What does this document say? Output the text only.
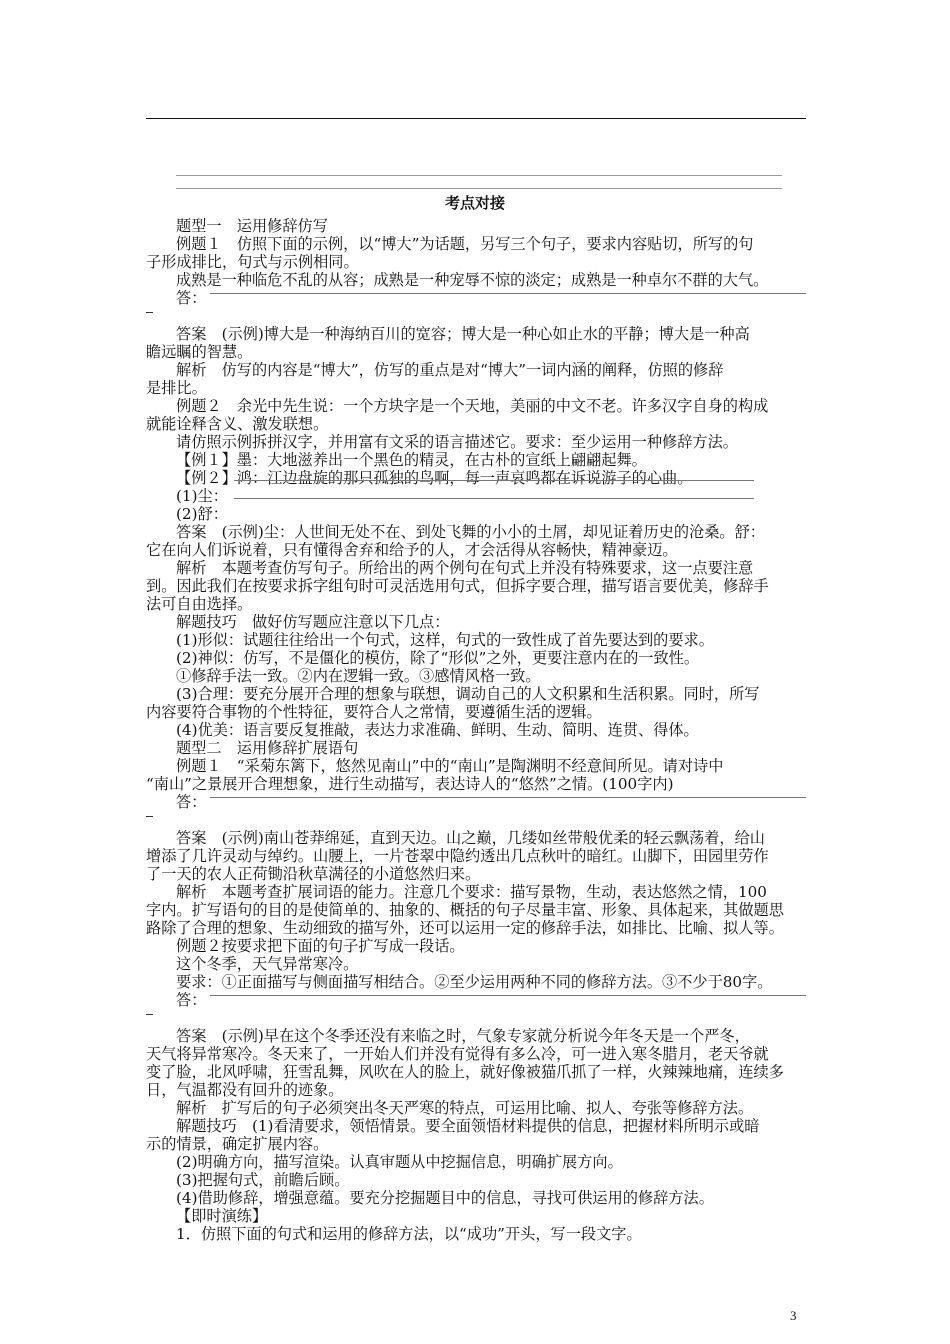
考点对接
题型一　运用修辞仿写
例题１　仿照下面的示例，以“博大”为话题，另写三个句子，要求内容贴切，所写的句
子形成排比，句式与示例相同。
成熟是一种临危不乱的从容；成熟是一种宠辱不惊的淡定；成熟是一种卓尔不群的大气。
答：
答案　(示例)博大是一种海纳百川的宽容；博大是一种心如止水的平静；博大是一种高
瞻远瞩的智慧。
解析　仿写的内容是“博大”，仿写的重点是对“博大”一词内涵的阐释，仿照的修辞
是排比。
例题２　余光中先生说：一个方块字是一个天地，美丽的中文不老。许多汉字自身的构成
就能诠释含义、激发联想。
请仿照示例拆拼汉字，并用富有文采的语言描述它。要求：至少运用一种修辞方法。
【例１】墨：大地滋养出一个黑色的精灵，在古朴的宣纸上翩翩起舞。
【例２】鸿：江边盘旋的那只孤独的鸟啊，每一声哀鸣都在诉说游子的心曲。
(1)尘：
(2)舒：
答案　(示例)尘：人世间无处不在、到处飞舞的小小的土屑，却见证着历史的沧桑。舒：
它在向人们诉说着，只有懂得舍弃和给予的人，才会活得从容畅快，精神豪迈。
解析　本题考查仿写句子。所给出的两个例句在句式上并没有特殊要求，这一点要注意
到。因此我们在按要求拆字组句时可灵活选用句式，但拆字要合理，描写语言要优美，修辞手
法可自由选择。
解题技巧　做好仿写题应注意以下几点：
(1)形似：试题往往给出一个句式，这样，句式的一致性成了首先要达到的要求。
(2)神似：仿写，不是僵化的模仿，除了“形似”之外，更要注意内在的一致性。
①修辞手法一致。②内在逻辑一致。③感情风格一致。
(3)合理：要充分展开合理的想象与联想，调动自己的人文积累和生活积累。同时，所写
内容要符合事物的个性特征，要符合人之常情，要遵循生活的逻辑。
(4)优美：语言要反复推敲，表达力求准确、鲜明、生动、简明、连贯、得体。
题型二　运用修辞扩展语句
例题１　“采菊东篱下，悠然见南山”中的“南山”是陶渊明不经意间所见。请对诗中
“南山”之景展开合理想象，进行生动描写，表达诗人的“悠然”之情。(100字内)
答：
答案　(示例)南山苍莽绵延，直到天边。山之巅，几缕如丝带般优柔的轻云飘荡着，给山
增添了几许灵动与绰约。山腰上，一片苍翠中隐约透出几点秋叶的暗红。山脚下，田园里劳作
了一天的农人正荷锄沿秋草满径的小道悠然归来。
解析　本题考查扩展词语的能力。注意几个要求：描写景物，生动，表达悠然之情，100
字内。扩写语句的目的是使简单的、抽象的、概括的句子尽量丰富、形象、具体起来，其做题思
路除了合理的想象、生动细致的描写外，还可以运用一定的修辞手法，如排比、比喻、拟人等。
例题２按要求把下面的句子扩写成一段话。
这个冬季，天气异常寒冷。
要求：①正面描写与侧面描写相结合。②至少运用两种不同的修辞方法。③不少于80字。
答：
答案　(示例)早在这个冬季还没有来临之时，气象专家就分析说今年冬天是一个严冬，
天气将异常寒冷。冬天来了，一开始人们并没有觉得有多么冷，可一进入寒冬腊月，老天爷就
变了脸，北风呼啸，狂雪乱舞，风吹在人的脸上，就好像被猫爪抓了一样，火辣辣地痛，连续多
日，气温都没有回升的迹象。
解析　扩写后的句子必须突出冬天严寒的特点，可运用比喻、拟人、夸张等修辞方法。
解题技巧　(1)看清要求，领悟情景。要全面领悟材料提供的信息，把握材料所明示或暗
示的情景，确定扩展内容。
(2)明确方向，描写渲染。认真审题从中挖掘信息，明确扩展方向。
(3)把握句式，前瞻后顾。
(4)借助修辞，增强意蕴。要充分挖掘题目中的信息，寻找可供运用的修辞方法。
【即时演练】
1．仿照下面的句式和运用的修辞方法，以“成功”开头，写一段文字。
3
